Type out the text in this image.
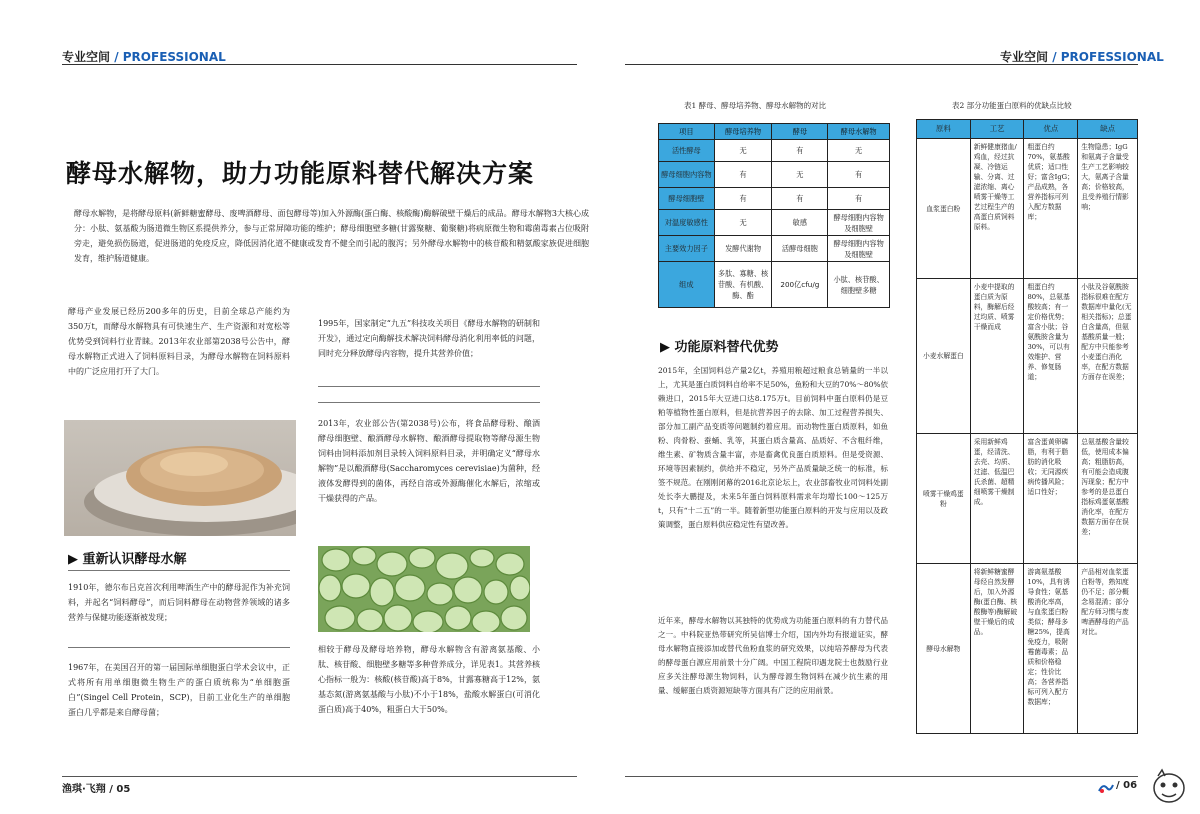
专业空间 / PROFESSIONAL	专业空间 / PROFESSIONAL
酵母水解物，助力功能原料替代解决方案
酵母水解物，是将酵母原料(新鲜糖蜜酵母、废啤酒酵母、面包酵母等)加入外源酶(蛋白酶、核酸酶)酶解破壁干燥后的成品。酵母水解物3大核心成分：小肽、氨基酸为肠道微生物区系提供养分，参与正常屏障功能的维护；酵母细胞壁多糖(甘露聚糖、葡聚糖)将病原微生物和霉菌毒素占位吸附旁走，避免损伤肠道，促进肠道的免疫反应，降低因消化道不健康或发育不健全而引起的腹泻；另外酵母水解物中的核苷酸和精氨酸家族促进细胞发育，维护肠道健康。
酵母产业发展已经历200多年的历史，目前全球总产能约为350万t，而酵母水解物具有可快速生产、生产资源和对宽松等优势受到饲料行业青睐。2013年农业部第2038号公告中，酵母水解物正式进入了饲料原料目录，为酵母水解物在饲料原料中的广泛应用打开了大门。
▶ 重新认识酵母水解
1910年，德尔布吕克首次利用啤酒生产中的酵母泥作为补充饲料，并起名“饲料酵母”，而后饲料酵母在动物营养领域的诸多营养与保健功能逐渐被发现；
1967年，在美国召开的第一届国际单细胞蛋白学术会议中，正式将所有用单细胞微生物生产的蛋白质统称为“单细胞蛋白”(Singel Cell Protein，SCP)，目前工业化生产的单细胞蛋白几乎都是来自酵母菌；
1995年，国家制定“九五”科技攻关项目《酵母水解物的研制和开发》，通过定向酶解技术解决饲料酵母消化利用率低的问题，同时充分释放酵母内容物，提升其营养价值；
2013年，农业部公告(第2038号)公布，将食品酵母粉、酿酒酵母细胞壁、酿酒酵母水解物、酿酒酵母提取物等酵母源生物饲料由饲料添加剂目录转入饲料原料目录，并明确定义“酵母水解物”是以酿酒酵母(Saccharomyces cerevisiae)为菌种，经液体发酵得到的菌体，再经自溶或外源酶催化水解后，浓缩或干燥获得的产品。
相较于酵母及酵母培养物，酵母水解物含有游离氨基酸、小肽、核苷酸、细胞壁多糖等多种营养成分，详见表1。其营养核心指标一般为：核酸(核苷酸)高于8%，甘露寡糖高于12%，氨基态氮(游离氨基酸与小肽)不小于18%，盐酸水解蛋白(可消化蛋白质)高于40%，粗蛋白大于50%。
表1 酵母、酵母培养物、酵母水解物的对比
项目	酵母培养物	酵母	酵母水解物
活性酵母	无	有	无
酵母细胞内容物	有	无	有
酵母细胞壁	有	有	有
对温度敏感性	无	敏感	酵母细胞内容物及细胞壁
主要效力因子	发酵代谢物	活酵母细胞	酵母细胞内容物及细胞壁
组成	多肽、寡糖、核苷酸、有机酸、酶、酯	200亿cfu/g	小肽、核苷酸、细胞壁多糖
▶ 功能原料替代优势
2015年，全国饲料总产量2亿t，养殖用粮超过粮食总销量的一半以上，尤其是蛋白质饲料自给率不足50%，鱼粉和大豆的70%～80%依赖进口，2015年大豆进口达8.175万t。目前饲料中蛋白原料仍是豆粕等植物性蛋白原料，但是抗营养因子的去除、加工过程营养损失、部分加工副产品变质等问题制约着应用。而动物性蛋白质原料，如鱼粉、肉骨粉、蚕蛹、乳等，其蛋白质含量高、品质好、不含粗纤维，维生素、矿物质含量丰富，亦是畜禽优良蛋白质原料。但是受资源、环境等因素制约，供给并不稳定，另外产品质量缺乏统一的标准，标签不规范。在刚刚闭幕的2016北京论坛上，农业部畜牧业司饲料处副处长李大鹏提及，未来5年蛋白饲料原料需求年均增长100～125万t，只有“十二五”的一半。随着新型功能蛋白原料的开发与应用以及政策调整，蛋白原料供应稳定性有望改善。
近年来，酵母水解物以其独特的优势成为功能蛋白原料的有力替代品之一。中科院亚热带研究所吴信博士介绍，国内外均有报道证实，酵母水解物直接添加或替代鱼粉血浆的研究效果，以纯培养酵母为代表的酵母蛋白源应用前景十分广阔。中国工程院印遇龙院士也鼓励行业应多关注酵母源生物饲料，认为酵母源生物饲料在减少抗生素的用量、缓解蛋白质资源短缺等方面具有广泛的应用前景。
表2 部分功能蛋白原料的优缺点比较
原料	工艺	优点	缺点
血浆蛋白粉	新鲜健康猪血/鸡血，经过抗凝、冷链运输、分离、过滤浓缩、离心喷雾干燥等工艺过程生产的高蛋白质饲料原料。	粗蛋白约70%，氨基酸优质；适口性好；富含IgG；产品成熟，各营养指标可列入配方数据库；	生物隐患；IgG和氨离子含量受生产工艺影响较大，氨离子含量高；价格较高，且受养殖行情影响；
小麦水解蛋白	小麦中提取的蛋白质为原料，酶解后经过均质、喷雾干燥而成	粗蛋白约80%，总氨基酸较高；有一定价格优势；富含小肽；谷氨酰胺含量为30%，可以有效维护、营养、修复肠道；	小肽及谷氨酰胺指标很难在配方数据库中量化(无相关指标)；总蛋白含量高，但氨基酸质量一般；配方中只能参考小麦蛋白消化率，在配方数据方面存在误差；
喷雾干燥鸡蛋粉	采用新鲜鸡蛋，经清洗、去壳、均质、过滤、低温巴氏杀菌、超精细喷雾干燥制成。	富含蛋黄卵磷脂，有利于脂肪的消化吸收；无同源疾病传播风险；适口性好；	总氨基酸含量较低，使用成本偏高；粗脂肪高，有可能会造成腹泻现象；配方中参考的是总蛋白指标鸡蛋氨基酸消化率，在配方数据方面存在误差；
酵母水解物	将新鲜糖蜜酵母经自然发酵后，加入外源酶(蛋白酶、核酸酶等)酶解破壁干燥后的成品。	游离氨基酸10%，具有诱导食性；氨基酸消化率高，与血浆蛋白粉类似；酵母多糖25%，提高免疫力，吸附霉菌毒素；品质和价格稳定；性价比高；各营养指标可列入配方数据库；	产品相对血浆蛋白粉等，熟知度仍不足；部分概念易混淆；部分配方师习惯与废啤酒酵母的产品对比。
渔琪·飞翔 / 05	/ 06
